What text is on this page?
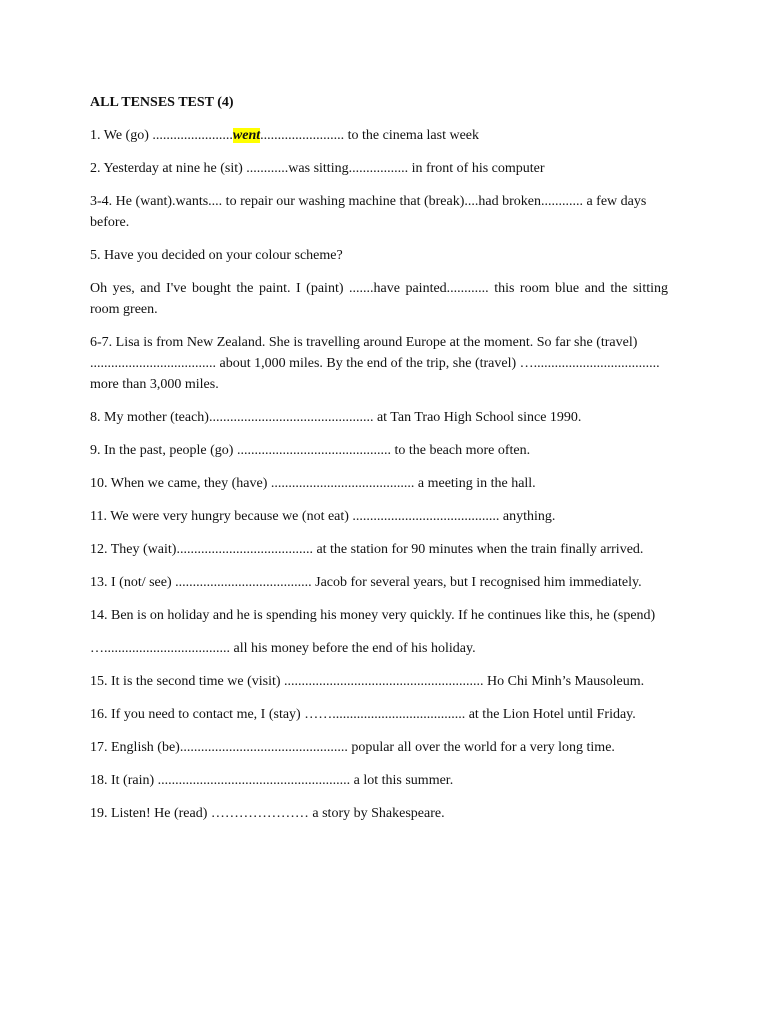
ALL TENSES TEST (4)
1. We (go) .......................went........................ to the cinema last week
2. Yesterday at nine he (sit) ............was sitting................. in front of his computer
3-4. He (want).wants.... to repair our washing machine that (break)....had broken............ a few days before.
5. Have you decided on your colour scheme?
Oh yes, and I've bought the paint. I (paint) .......have painted............ this room blue and the sitting room green.
6-7. Lisa is from New Zealand. She is travelling around Europe at the moment. So far she (travel) .................................... about 1,000 miles. By the end of the trip, she (travel) ….................................... more than 3,000 miles.
8. My mother (teach)............................................... at Tan Trao High School since 1990.
9. In the past, people (go) ............................................ to the beach more often.
10. When we came, they (have) ......................................... a meeting in the hall.
11. We were very hungry because we (not eat) .......................................... anything.
12. They (wait)....................................... at the station for 90 minutes when the train finally arrived.
13. I (not/ see) ....................................... Jacob for several years, but I recognised him immediately.
14. Ben is on holiday and he is spending his money very quickly. If he continues like this, he (spend)
….................................... all his money before the end of his holiday.
15. It is the second time we (visit) ......................................................... Ho Chi Minh’s Mausoleum.
16. If you need to contact me, I (stay) ……...................................... at the Lion Hotel until Friday.
17. English (be)................................................ popular all over the world for a very long time.
18. It (rain) ....................................................... a lot this summer.
19. Listen! He (read) ………………… a story by Shakespeare.
